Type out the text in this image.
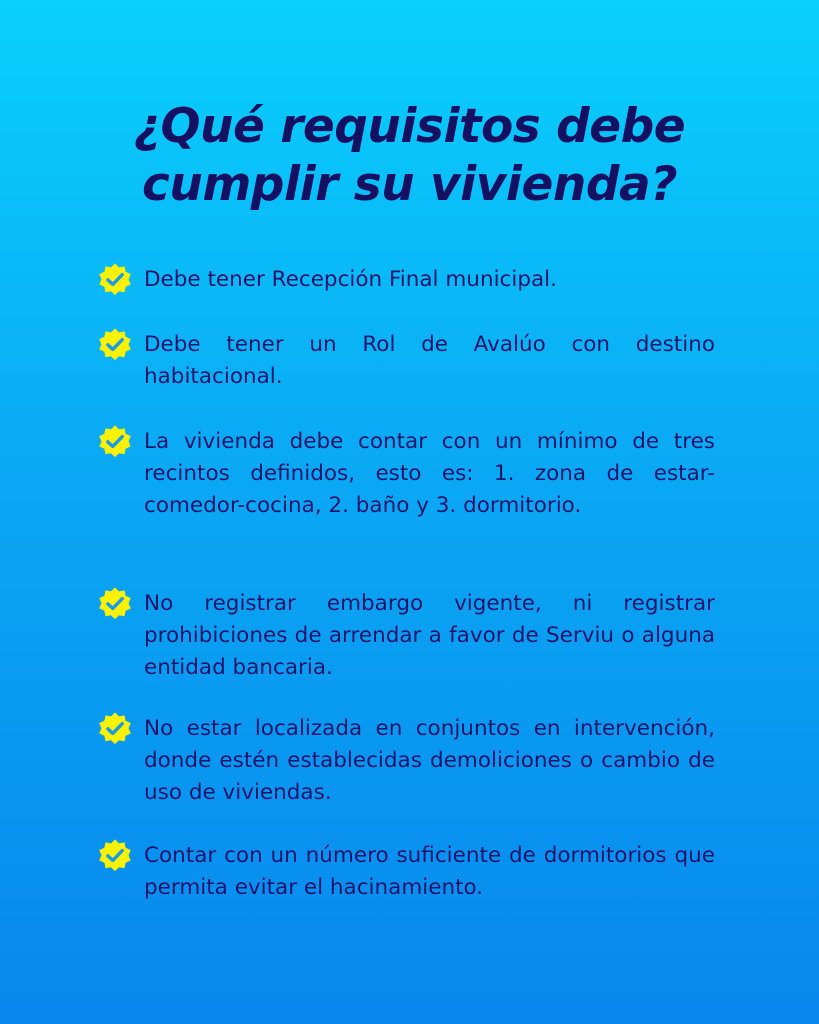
¿Qué requisitos debe
cumplir su vivienda?

Debe tener Recepción Final municipal.

Debe tener un Rol de Avalúo con destino habitacional.

La vivienda debe contar con un mínimo de tres recintos definidos, esto es: 1. zona de estar-comedor-cocina, 2. baño y 3. dormitorio.

No registrar embargo vigente, ni registrar prohibiciones de arrendar a favor de Serviu o alguna entidad bancaria.

No estar localizada en conjuntos en intervención, donde estén establecidas demoliciones o cambio de uso de viviendas.

Contar con un número suficiente de dormitorios que permita evitar el hacinamiento.
